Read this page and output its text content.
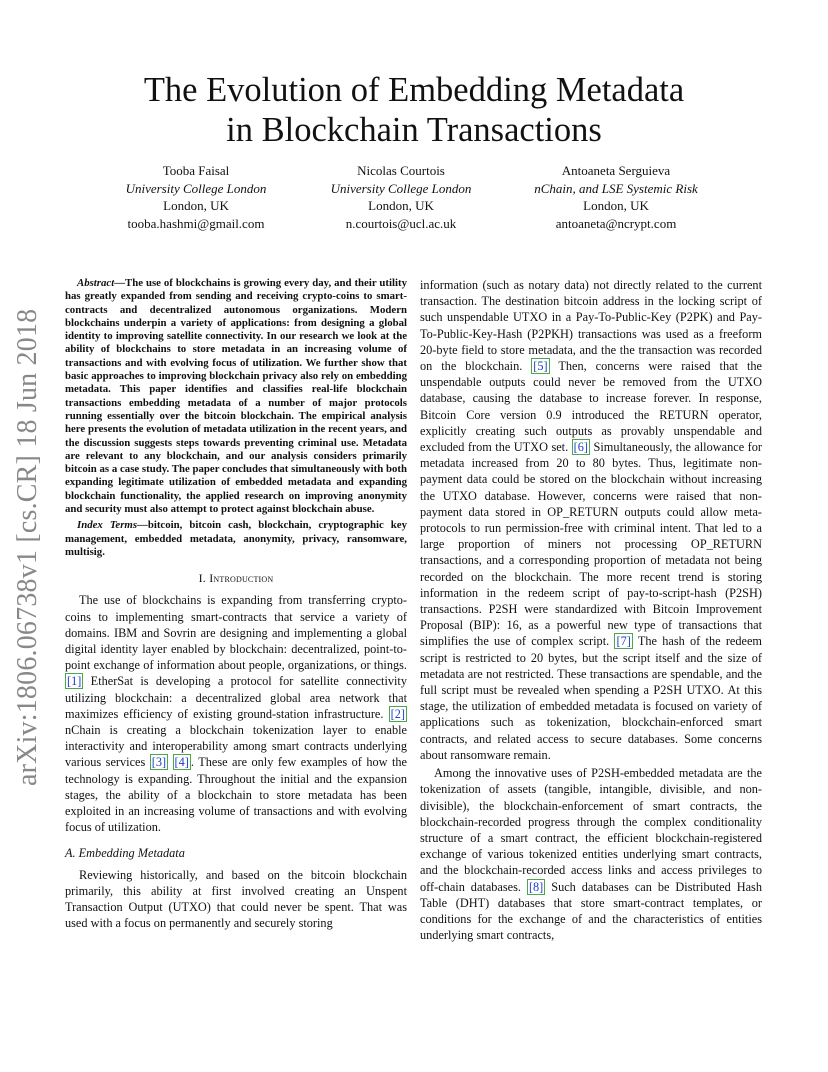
The Evolution of Embedding Metadata
in Blockchain Transactions
Tooba Faisal
University College London
London, UK
tooba.hashmi@gmail.com
Nicolas Courtois
University College London
London, UK
n.courtois@ucl.ac.uk
Antoaneta Serguieva
nChain, and LSE Systemic Risk
London, UK
antoaneta@ncrypt.com
arXiv:1806.06738v1 [cs.CR] 18 Jun 2018

Abstract—The use of blockchains is growing every day, and their utility has greatly expanded from sending and receiving crypto-coins to smart-contracts and decentralized autonomous organizations. Modern blockchains underpin a variety of applications: from designing a global identity to improving satellite connectivity. In our research we look at the ability of blockchains to store metadata in an increasing volume of transactions and with evolving focus of utilization. We further show that basic approaches to improving blockchain privacy also rely on embedding metadata. This paper identifies and classifies real-life blockchain transactions embedding metadata of a number of major protocols running essentially over the bitcoin blockchain. The empirical analysis here presents the evolution of metadata utilization in the recent years, and the discussion suggests steps towards preventing criminal use. Metadata are relevant to any blockchain, and our analysis considers primarily bitcoin as a case study. The paper concludes that simultaneously with both expanding legitimate utilization of embedded metadata and expanding blockchain functionality, the applied research on improving anonymity and security must also attempt to protect against blockchain abuse.

Index Terms—bitcoin, bitcoin cash, blockchain, cryptographic key management, embedded metadata, anonymity, privacy, ransomware, multisig.

I. Introduction

The use of blockchains is expanding from transferring crypto-coins to implementing smart-contracts that service a variety of domains. IBM and Sovrin are designing and implementing a global digital identity layer enabled by blockchain: decentralized, point-to-point exchange of information about people, organizations, or things. [1] EtherSat is developing a protocol for satellite connectivity utilizing blockchain: a decentralized global area network that maximizes efficiency of existing ground-station infrastructure. [2] nChain is creating a blockchain tokenization layer to enable interactivity and interoperability among smart contracts underlying various services [3] [4] . These are only few examples of how the technology is expanding. Throughout the initial and the expansion stages, the ability of a blockchain to store metadata has been exploited in an increasing volume of transactions and with evolving focus of utilization.

A. Embedding Metadata

Reviewing historically, and based on the bitcoin blockchain primarily, this ability at first involved creating an Unspent Transaction Output (UTXO) that could never be spent. That was used with a focus on permanently and securely storing

information (such as notary data) not directly related to the current transaction. The destination bitcoin address in the locking script of such unspendable UTXO in a Pay-To-Public-Key (P2PK) and Pay-To-Public-Key-Hash (P2PKH) transactions was used as a freeform 20-byte field to store metadata, and the the transaction was recorded on the blockchain. [5] Then, concerns were raised that the unspendable outputs could never be removed from the UTXO database, causing the database to increase forever. In response, Bitcoin Core version 0.9 introduced the RETURN operator, explicitly creating such outputs as provably unspendable and excluded from the UTXO set. [6] Simultaneously, the allowance for metadata increased from 20 to 80 bytes. Thus, legitimate non-payment data could be stored on the blockchain without increasing the UTXO database. However, concerns were raised that non-payment data stored in OP_RETURN outputs could allow meta-protocols to run permission-free with criminal intent. That led to a large proportion of miners not processing OP_RETURN transactions, and a corresponding proportion of metadata not being recorded on the blockchain. The more recent trend is storing information in the redeem script of pay-to-script-hash (P2SH) transactions. P2SH were standardized with Bitcoin Improvement Proposal (BIP): 16, as a powerful new type of transactions that simplifies the use of complex script. [7] The hash of the redeem script is restricted to 20 bytes, but the script itself and the size of metadata are not restricted. These transactions are spendable, and the full script must be revealed when spending a P2SH UTXO. At this stage, the utilization of embedded metadata is focused on variety of applications such as tokenization, blockchain-enforced smart contracts, and related access to secure databases. Some concerns about ransomware remain.

Among the innovative uses of P2SH-embedded metadata are the tokenization of assets (tangible, intangible, divisible, and non-divisible), the blockchain-enforcement of smart contracts, the blockchain-recorded progress through the complex conditionality structure of a smart contract, the efficient blockchain-registered exchange of various tokenized entities underlying smart contracts, and the blockchain-recorded access links and access privileges to off-chain databases. [8] Such databases can be Distributed Hash Table (DHT) databases that store smart-contract templates, or conditions for the exchange of and the characteristics of entities underlying smart contracts,
